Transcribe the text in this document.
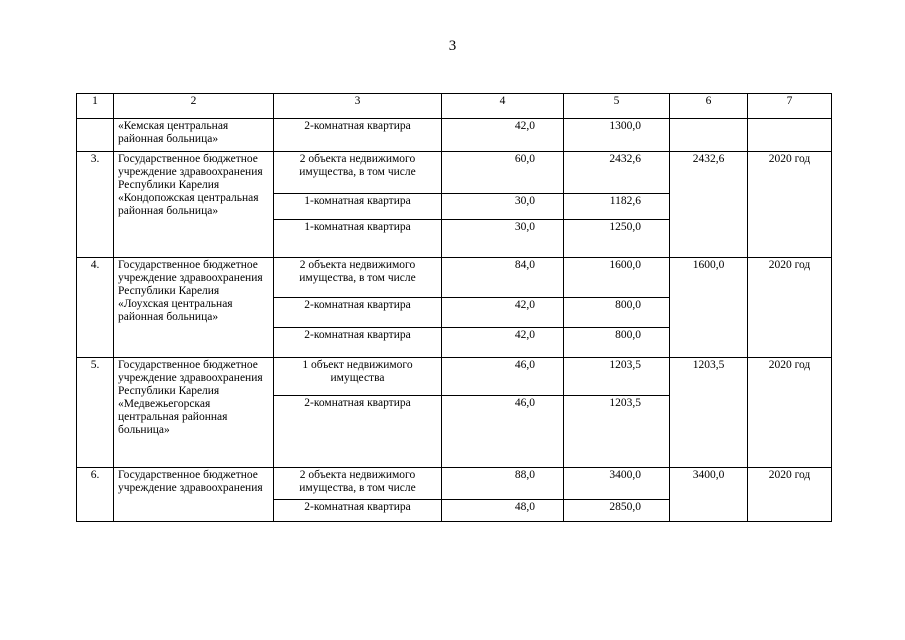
3
1	2	3	4	5	6	7
	«Кемская центральная районная больница»	2-комнатная квартира	42,0	1300,0		
3.	Государственное бюджетное учреждение здравоохранения Республики Карелия «Кондопожская центральная районная больница»	2 объекта недвижимого имущества, в том числе	60,0	2432,6	2432,6	2020 год
		1-комнатная квартира	30,0	1182,6		
		1-комнатная квартира	30,0	1250,0		
4.	Государственное бюджетное учреждение здравоохранения Республики Карелия «Лоухская центральная районная больница»	2 объекта недвижимого имущества, в том числе	84,0	1600,0	1600,0	2020 год
		2-комнатная квартира	42,0	800,0		
		2-комнатная квартира	42,0	800,0		
5.	Государственное бюджетное учреждение здравоохранения Республики Карелия «Медвежьегорская центральная районная больница»	1 объект недвижимого имущества	46,0	1203,5	1203,5	2020 год
		2-комнатная квартира	46,0	1203,5		
6.	Государственное бюджетное учреждение здравоохранения	2 объекта недвижимого имущества, в том числе	88,0	3400,0	3400,0	2020 год
		2-комнатная квартира	48,0	2850,0		
